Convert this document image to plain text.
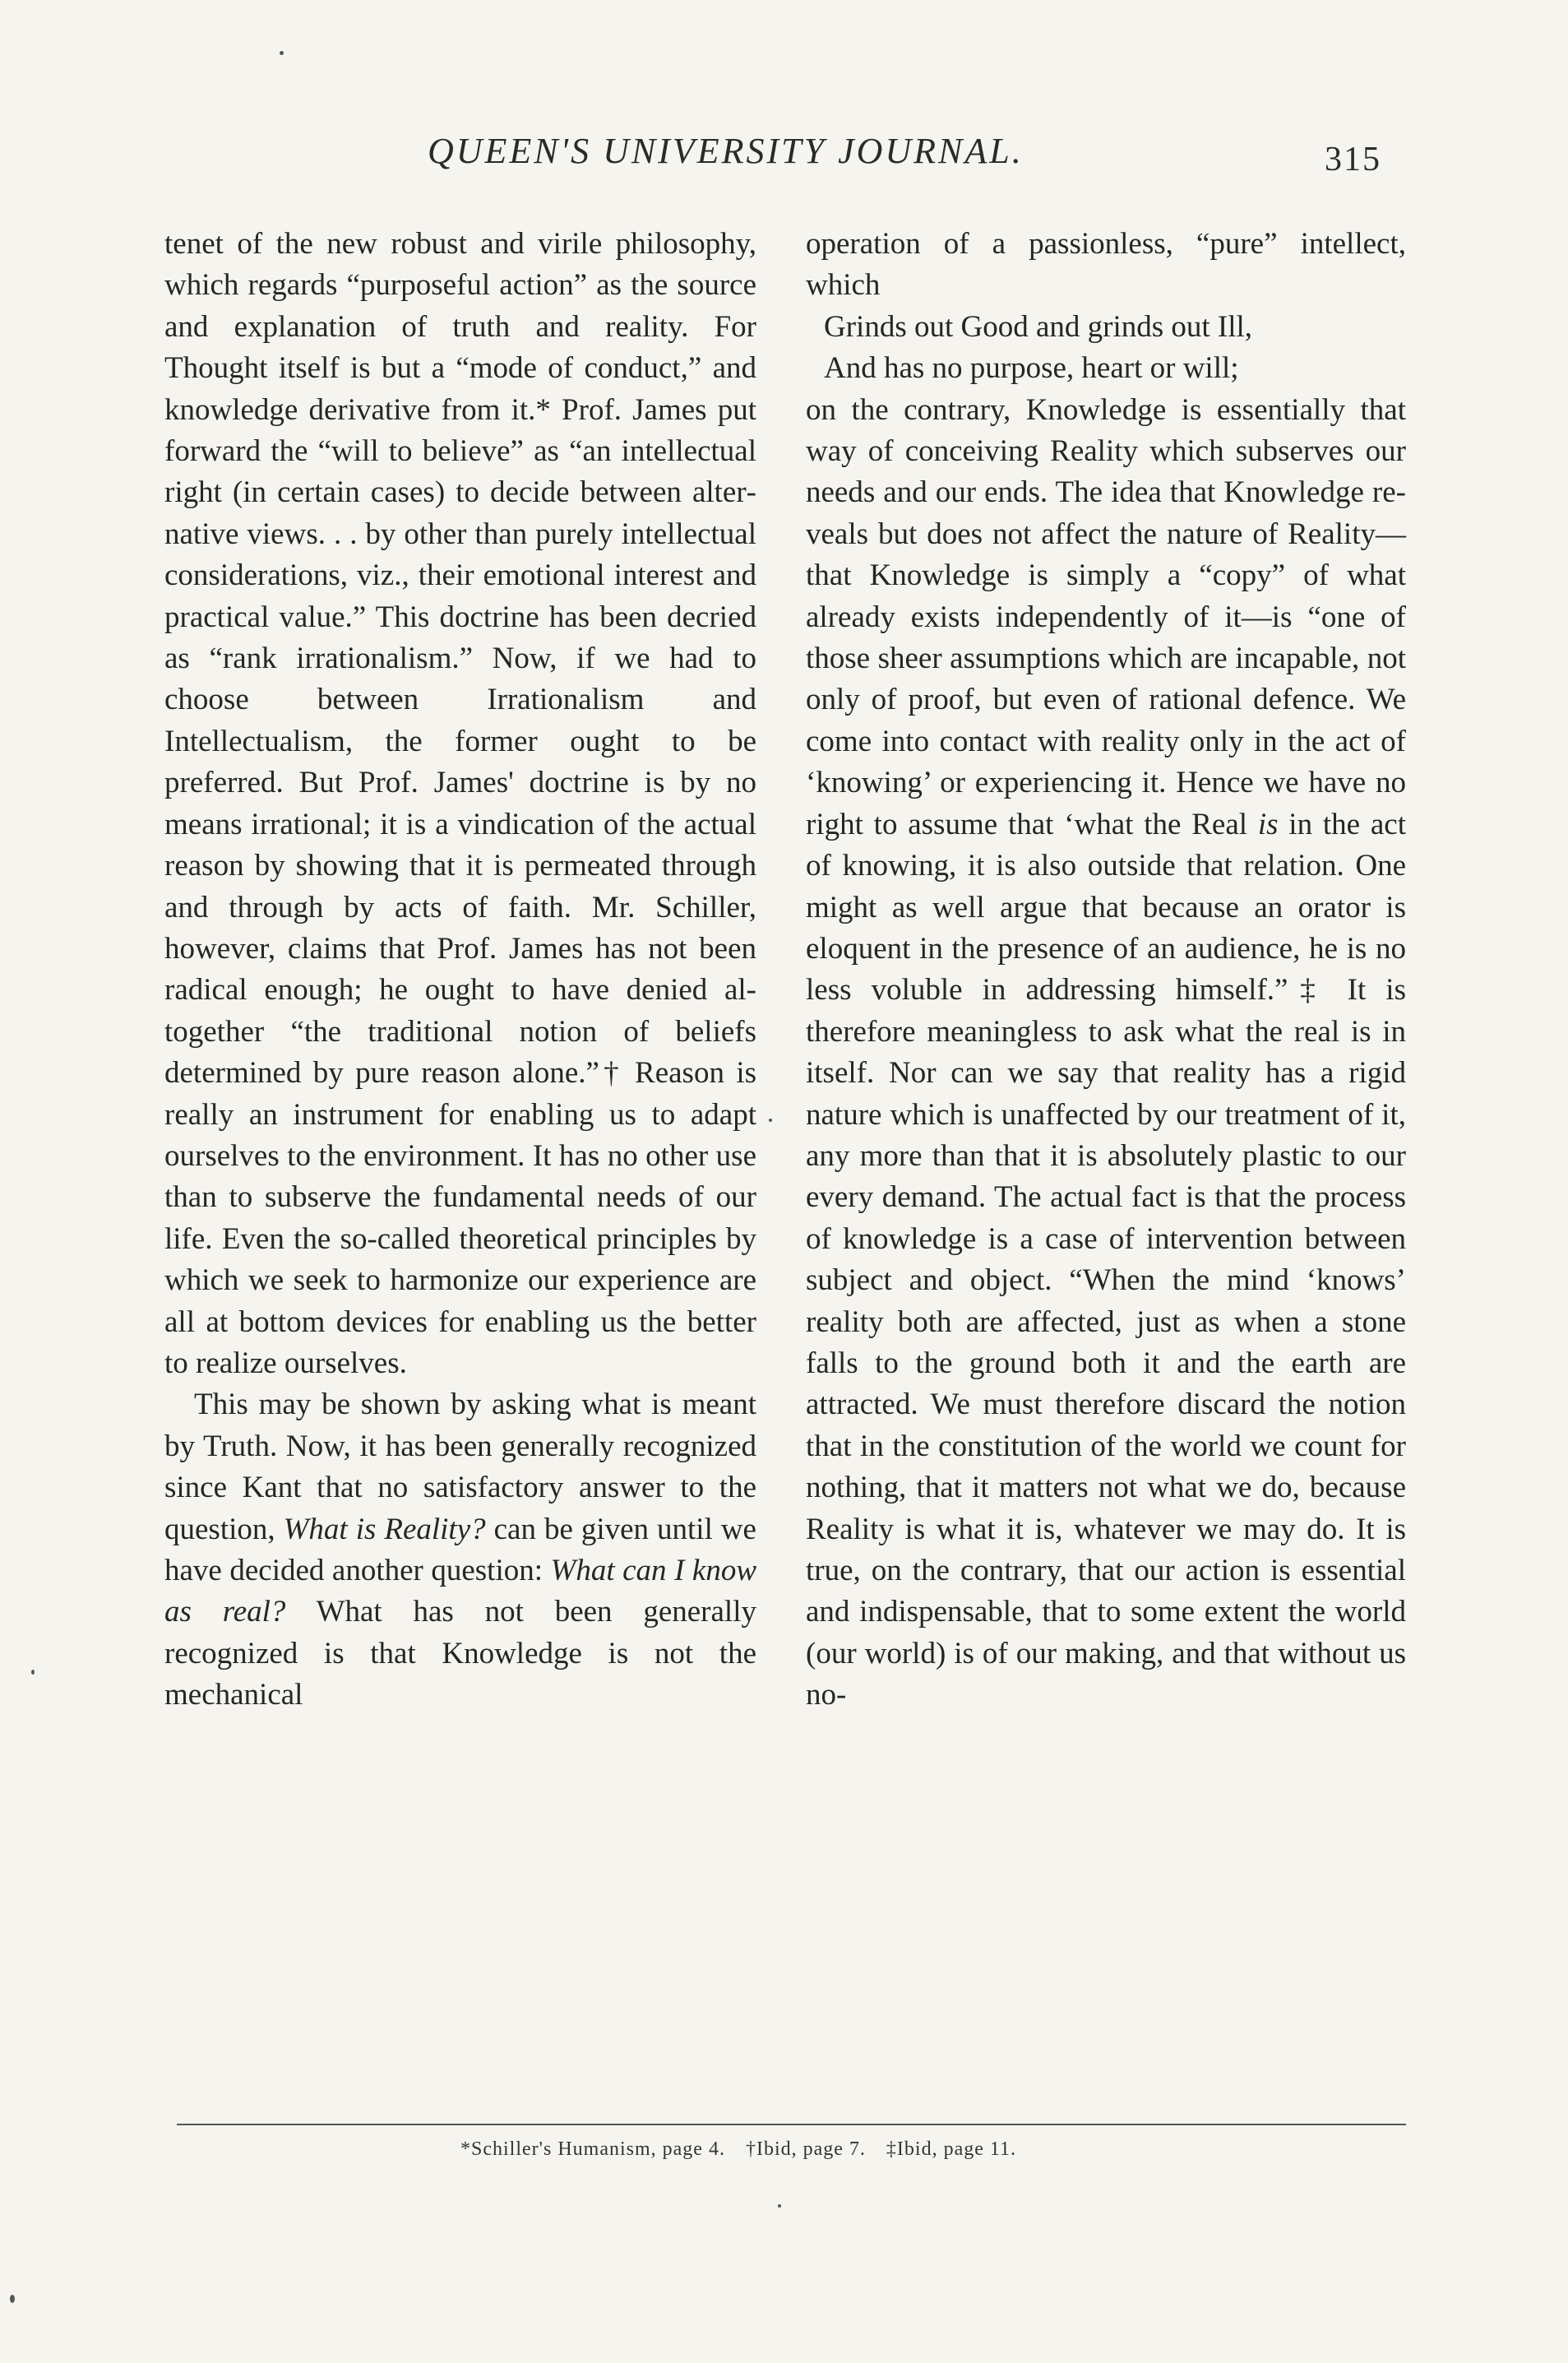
QUEEN'S UNIVERSITY JOURNAL.	315

tenet of the new robust and virile philosophy, which regards “purposeful action” as the source and explanation of truth and reality. For Thought itself is but a “mode of conduct,” and knowledge derivative from it.* Prof. James put forward the “will to believe” as “an intellectual right (in certain cases) to decide between alternative views. . . by other than purely intellectual considerations, viz., their emotional interest and practical value.” This doctrine has been decried as “rank irrationalism.” Now, if we had to choose between Irrationalism and Intellectualism, the former ought to be preferred. But Prof. James' doctrine is by no means irrational; it is a vindication of the actual reason by showing that it is permeated through and through by acts of faith. Mr. Schiller, however, claims that Prof. James has not been radical enough; he ought to have denied altogether “the traditional notion of beliefs determined by pure reason alone.”† Reason is really an instrument for enabling us to adapt ourselves to the environment. It has no other use than to subserve the fundamental needs of our life. Even the so-called theoretical principles by which we seek to harmonize our experience are all at bottom devices for enabling us the better to realize ourselves.

This may be shown by asking what is meant by Truth. Now, it has been generally recognized since Kant that no satisfactory answer to the question, What is Reality? can be given until we have decided another question: What can I know as real? What has not been generally recognized is that Knowledge is not the mechanical

operation of a passionless, “pure” intellect, which

Grinds out Good and grinds out Ill,
And has no purpose, heart or will;

on the contrary, Knowledge is essentially that way of conceiving Reality which subserves our needs and our ends. The idea that Knowledge reveals but does not affect the nature of Reality—that Knowledge is simply a “copy” of what already exists independently of it—is “one of those sheer assumptions which are incapable, not only of proof, but even of rational defence. We come into contact with reality only in the act of ‘knowing’ or experiencing it. Hence we have no right to assume that ‘what the Real is in the act of knowing, it is also outside that relation. One might as well argue that because an orator is eloquent in the presence of an audience, he is no less voluble in addressing himself.”‡ It is therefore meaningless to ask what the real is in itself. Nor can we say that reality has a rigid nature which is unaffected by our treatment of it, any more than that it is absolutely plastic to our every demand. The actual fact is that the process of knowledge is a case of intervention between subject and object. “When the mind ‘knows’ reality both are affected, just as when a stone falls to the ground both it and the earth are attracted. We must therefore discard the notion that in the constitution of the world we count for nothing, that it matters not what we do, because Reality is what it is, whatever we may do. It is true, on the contrary, that our action is essential and indispensable, that to some extent the world (our world) is of our making, and that without us no-

*Schiller's Humanism, page 4. †Ibid, page 7. ‡Ibid, page 11.
